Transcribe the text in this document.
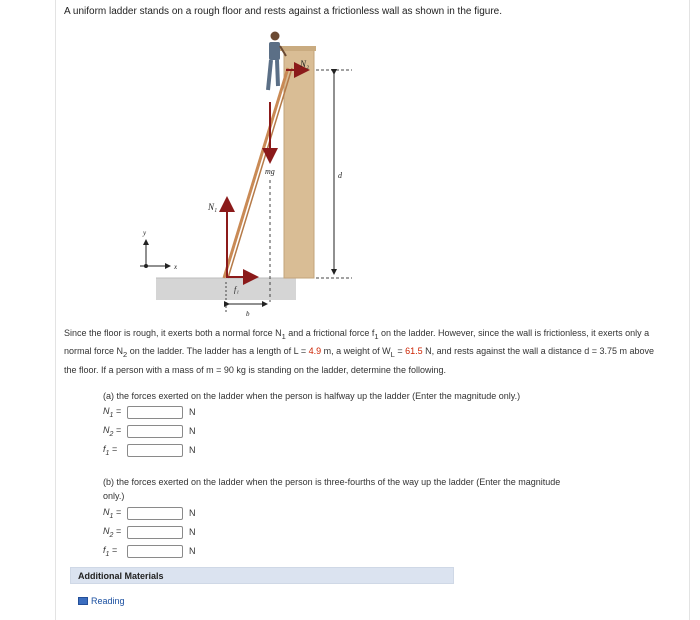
A uniform ladder stands on a rough floor and rests against a frictionless wall as shown in the figure.
N₂
mg
N₁
f₁
d
b
y
x
Since the floor is rough, it exerts both a normal force $N_1$ and a frictional force $f_1$ on the ladder. However, since the wall is frictionless, it exerts only a normal force $N_2$ on the ladder. The ladder has a length of L = 4.9 m, a weight of $W_L = 61.5$ N, and rests against the wall a distance d = 3.75 m above the floor. If a person with a mass of m = 90 kg is standing on the ladder, determine the following.
(a) the forces exerted on the ladder when the person is halfway up the ladder (Enter the magnitude only.)
$N_1$ =	N
$N_2$ =	N
$f_1$ =	N
(b) the forces exerted on the ladder when the person is three-fourths of the way up the ladder (Enter the magnitude
only.)
$N_1$ =	N
$N_2$ =	N
$f_1$ =	N
Additional Materials
Reading
